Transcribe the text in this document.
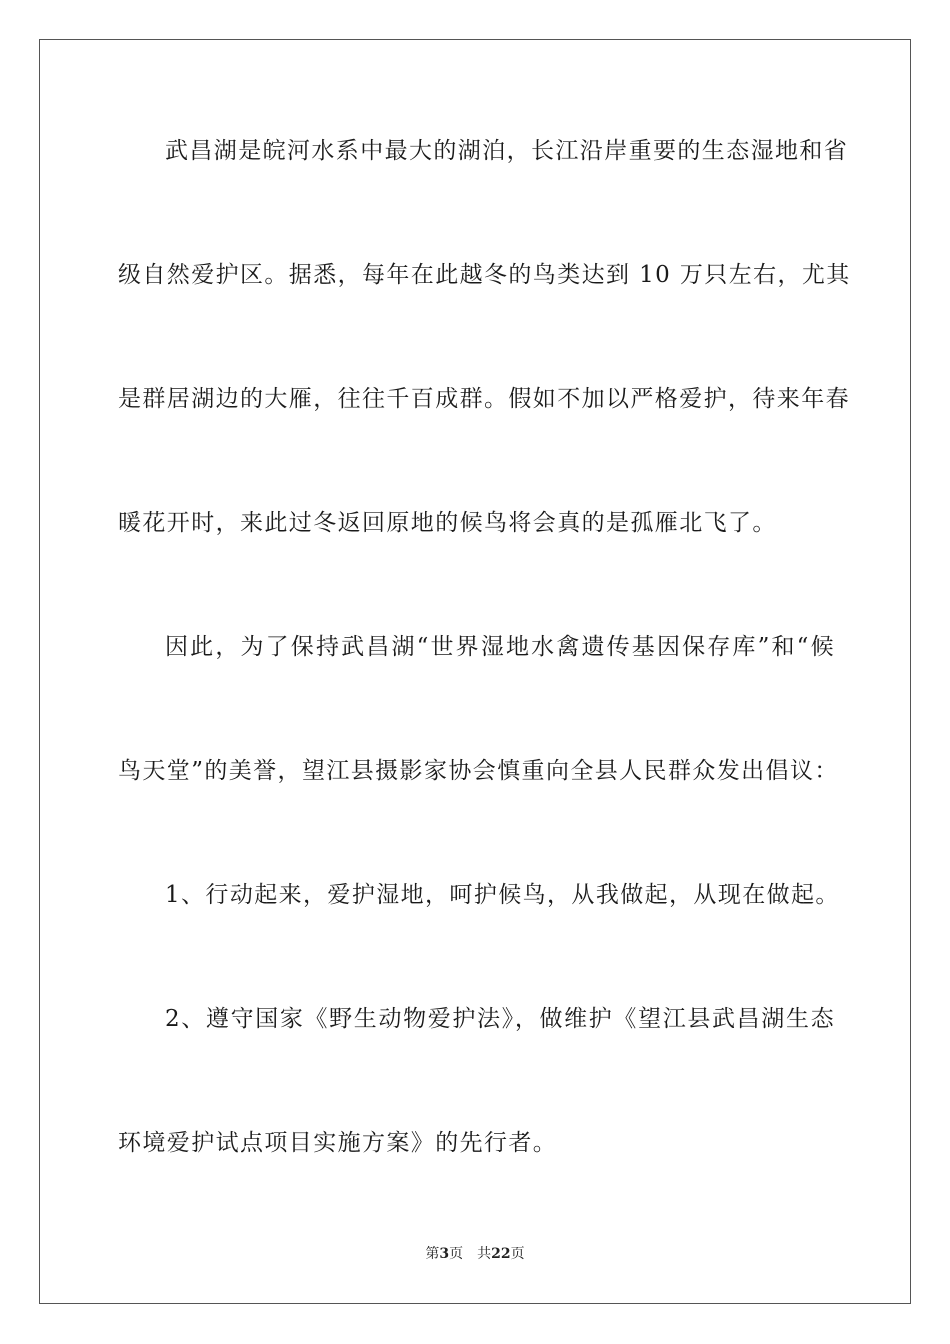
武昌湖是皖河水系中最大的湖泊，长江沿岸重要的生态湿地和省
级自然爱护区。据悉，每年在此越冬的鸟类达到 10 万只左右，尤其
是群居湖边的大雁，往往千百成群。假如不加以严格爱护，待来年春
暖花开时，来此过冬返回原地的候鸟将会真的是孤雁北飞了。
因此，为了保持武昌湖“世界湿地水禽遗传基因保存库”和“候
鸟天堂”的美誉，望江县摄影家协会慎重向全县人民群众发出倡议：
1、行动起来，爱护湿地，呵护候鸟，从我做起，从现在做起。
2、遵守国家《野生动物爱护法》，做维护《望江县武昌湖生态
环境爱护试点项目实施方案》的先行者。
第3页 共22页
